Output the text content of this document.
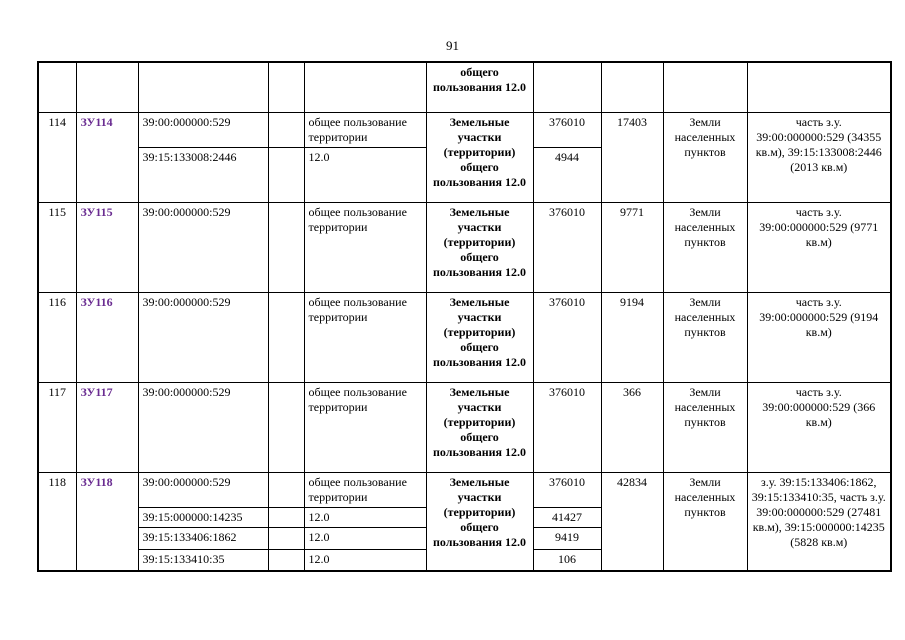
91
					общего пользования 12.0				
114	ЗУ114	39:00:000000:529		общее пользование территории	Земельные участки (территории) общего пользования 12.0	376010	17403	Земли населенных пунктов	часть з.у. 39:00:000000:529 (34355 кв.м), 39:15:133008:2446 (2013 кв.м)
		39:15:133008:2446		12.0		4944			
115	ЗУ115	39:00:000000:529		общее пользование территории	Земельные участки (территории) общего пользования 12.0	376010	9771	Земли населенных пунктов	часть з.у. 39:00:000000:529 (9771 кв.м)
116	ЗУ116	39:00:000000:529		общее пользование территории	Земельные участки (территории) общего пользования 12.0	376010	9194	Земли населенных пунктов	часть з.у. 39:00:000000:529 (9194 кв.м)
117	ЗУ117	39:00:000000:529		общее пользование территории	Земельные участки (территории) общего пользования 12.0	376010	366	Земли населенных пунктов	часть з.у. 39:00:000000:529 (366 кв.м)
118	ЗУ118	39:00:000000:529		общее пользование территории	Земельные участки (территории) общего пользования 12.0	376010	42834	Земли населенных пунктов	з.у. 39:15:133406:1862, 39:15:133410:35, часть з.у. 39:00:000000:529 (27481 кв.м), 39:15:000000:14235 (5828 кв.м)
		39:15:000000:14235		12.0		41427			
		39:15:133406:1862		12.0		9419			
		39:15:133410:35		12.0		106			
